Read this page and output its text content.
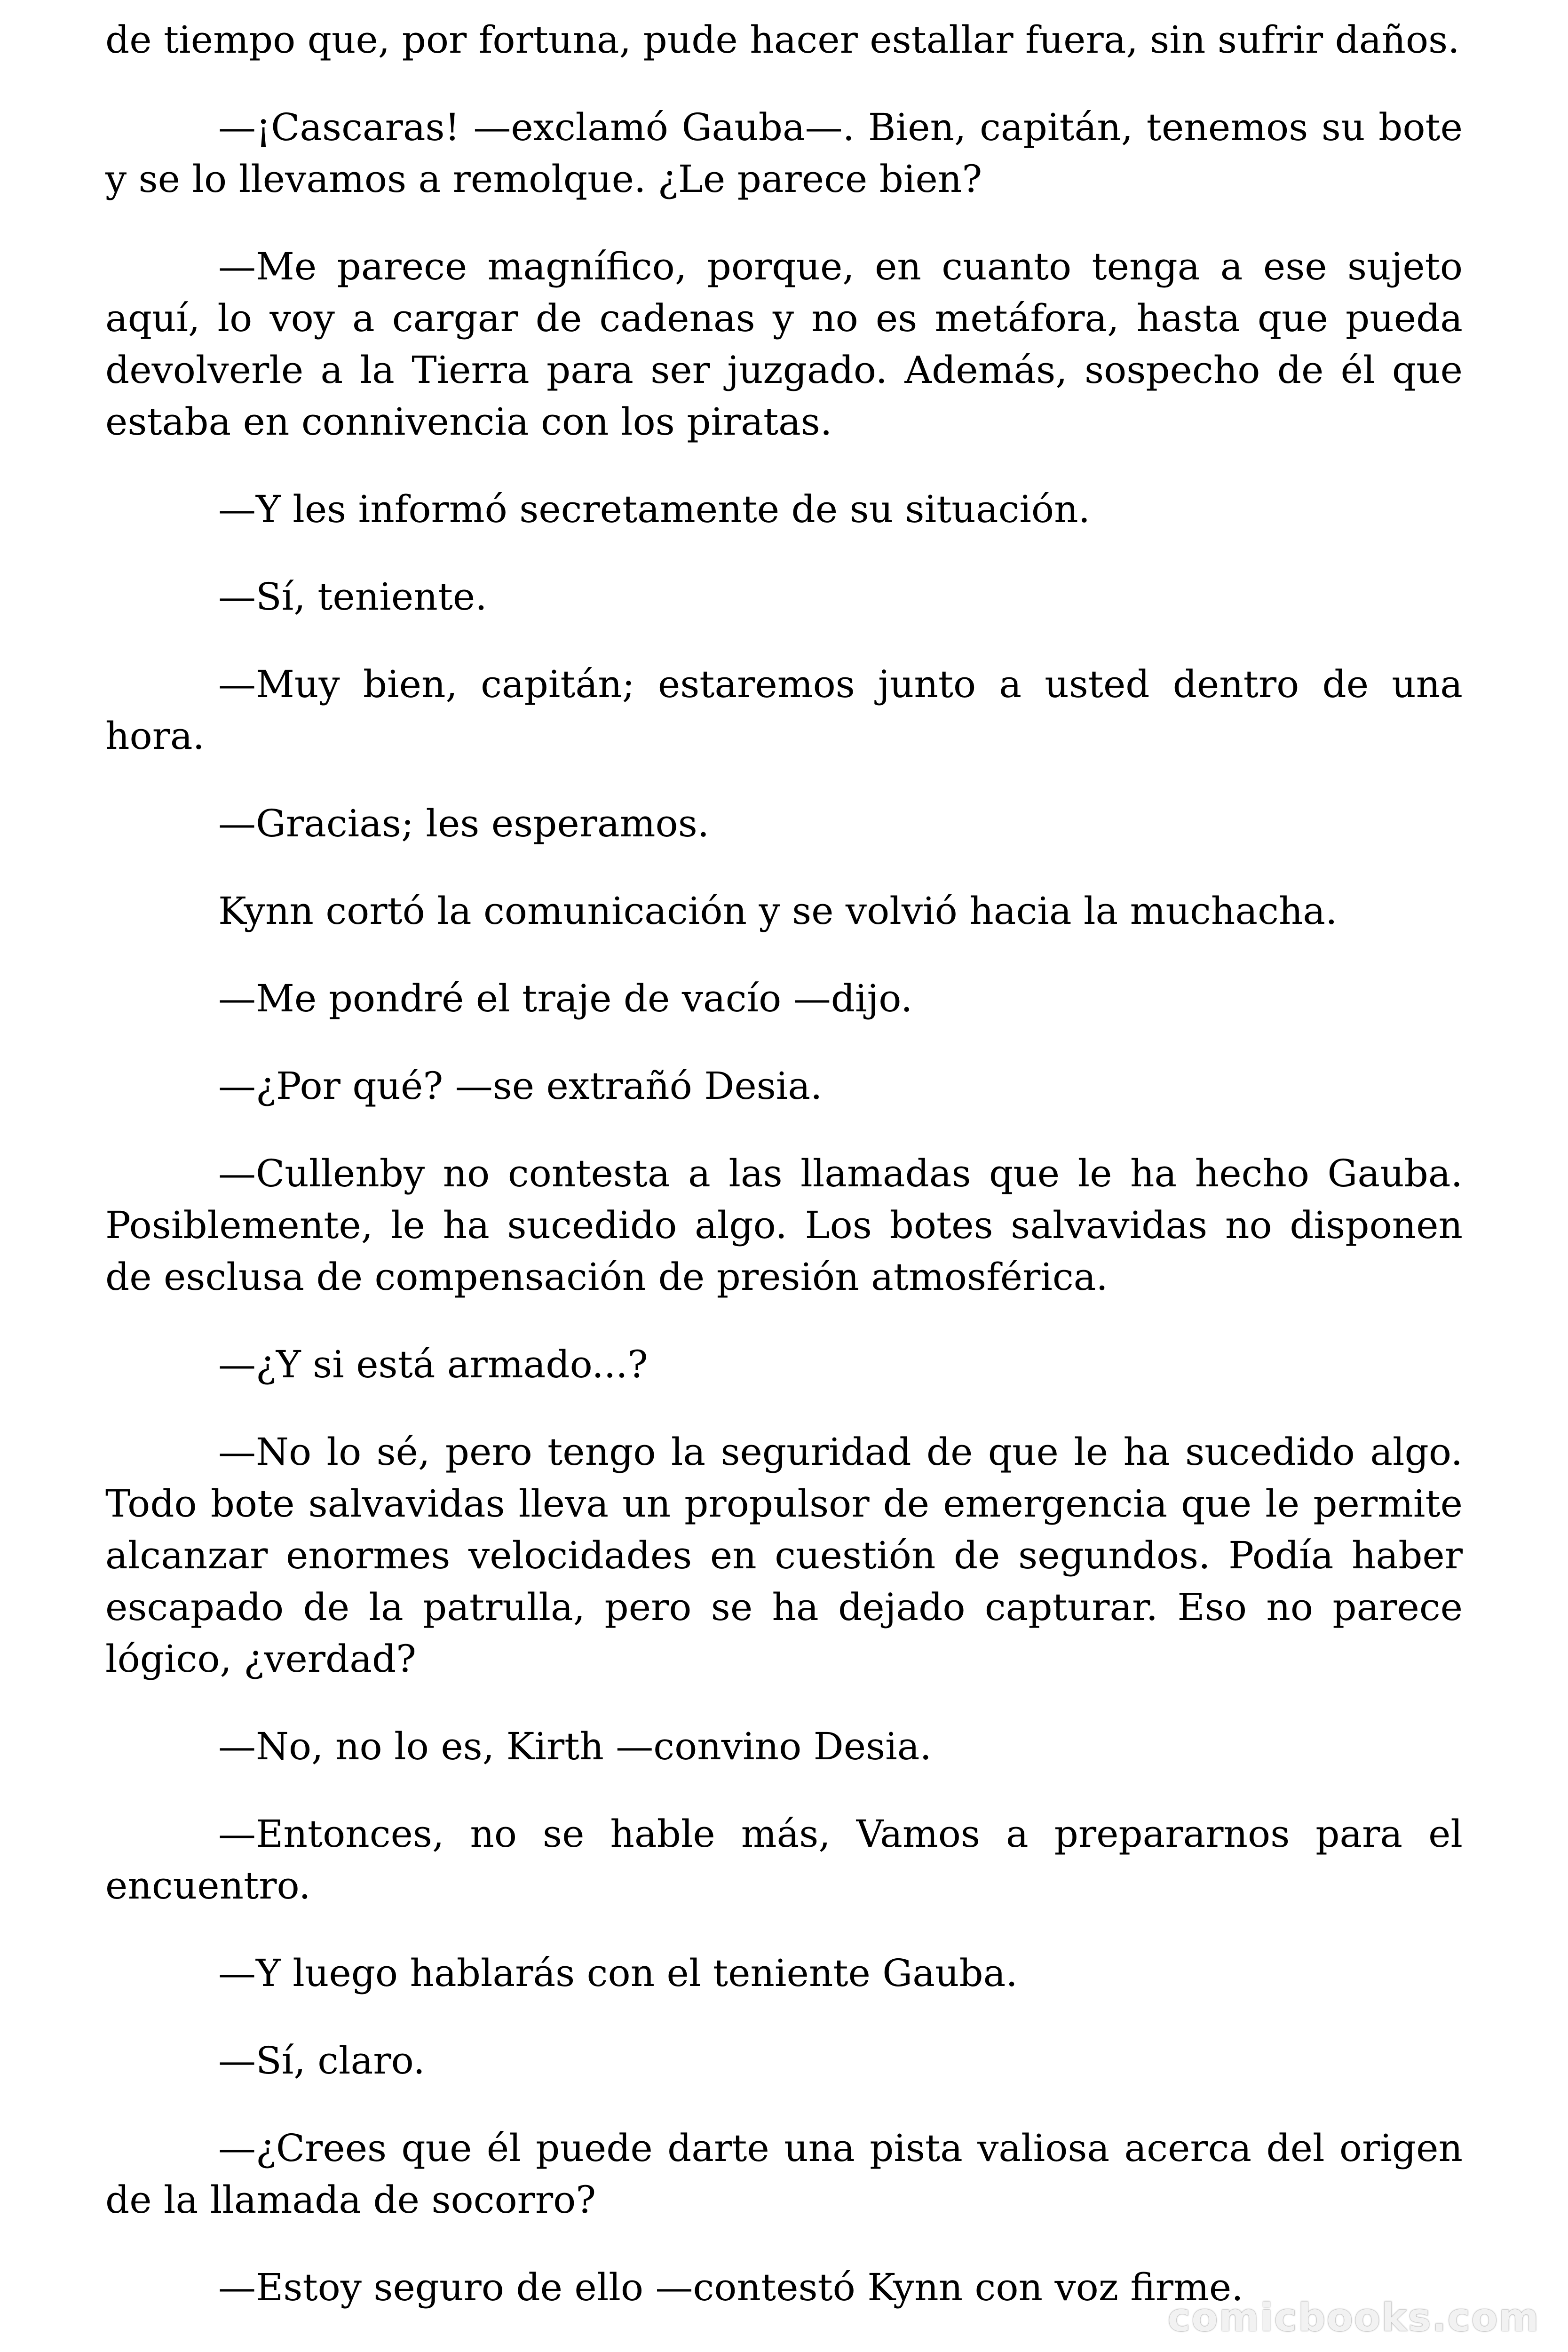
de tiempo que, por fortuna, pude hacer estallar fuera, sin sufrir daños.

—¡Cascaras! —exclamó Gauba—. Bien, capitán, tenemos su bote y se lo llevamos a remolque. ¿Le parece bien?

—Me parece magnífico, porque, en cuanto tenga a ese sujeto aquí, lo voy a cargar de cadenas y no es metáfora, hasta que pueda devolverle a la Tierra para ser juzgado. Además, sospecho de él que estaba en connivencia con los piratas.

—Y les informó secretamente de su situación.

—Sí, teniente.

—Muy bien, capitán; estaremos junto a usted dentro de una hora.

—Gracias; les esperamos.

Kynn cortó la comunicación y se volvió hacia la muchacha.

—Me pondré el traje de vacío —dijo.

—¿Por qué? —se extrañó Desia.

—Cullenby no contesta a las llamadas que le ha hecho Gauba. Posiblemente, le ha sucedido algo. Los botes salvavidas no disponen de esclusa de compensación de presión atmosférica.

—¿Y si está armado...?

—No lo sé, pero tengo la seguridad de que le ha sucedido algo. Todo bote salvavidas lleva un propulsor de emergencia que le permite alcanzar enormes velocidades en cuestión de segundos. Podía haber escapado de la patrulla, pero se ha dejado capturar. Eso no parece lógico, ¿verdad?

—No, no lo es, Kirth —convino Desia.

—Entonces, no se hable más, Vamos a prepararnos para el encuentro.

—Y luego hablarás con el teniente Gauba.

—Sí, claro.

—¿Crees que él puede darte una pista valiosa acerca del origen de la llamada de socorro?

—Estoy seguro de ello —contestó Kynn con voz firme.

comicbooks.com
